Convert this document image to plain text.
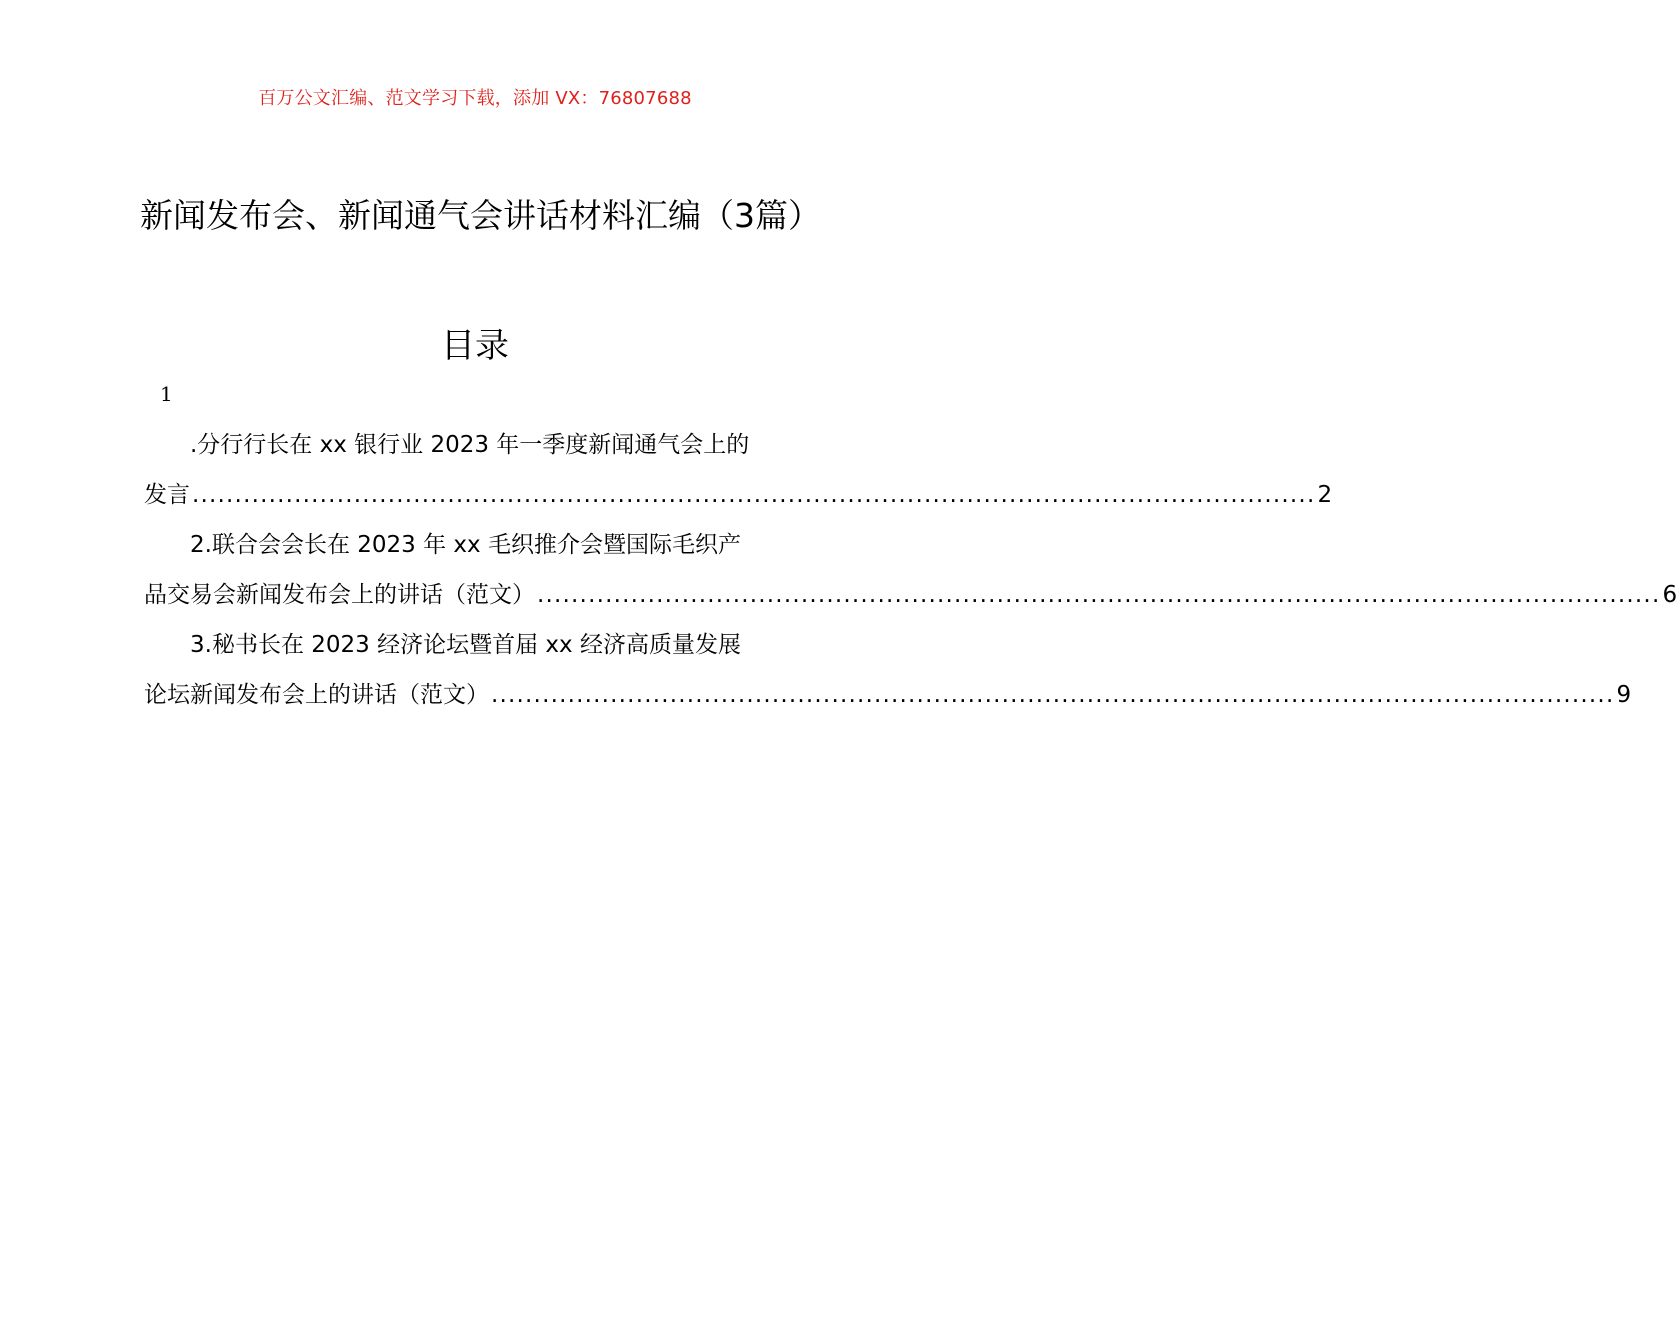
百万公文汇编、范文学习下载，添加 VX：76807688
新闻发布会、新闻通气会讲话材料汇编（3篇）
目录
1
.分行行长在 xx 银行业 2023 年一季度新闻通气会上的
发言 .................................................................................................................................... 2
2.联合会会长在 2023 年 xx 毛织推介会暨国际毛织产
品交易会新闻发布会上的讲话（范文） .................................................................................................................................... 6
3.秘书长在 2023 经济论坛暨首届 xx 经济高质量发展
论坛新闻发布会上的讲话（范文） .................................................................................................................................... 9
